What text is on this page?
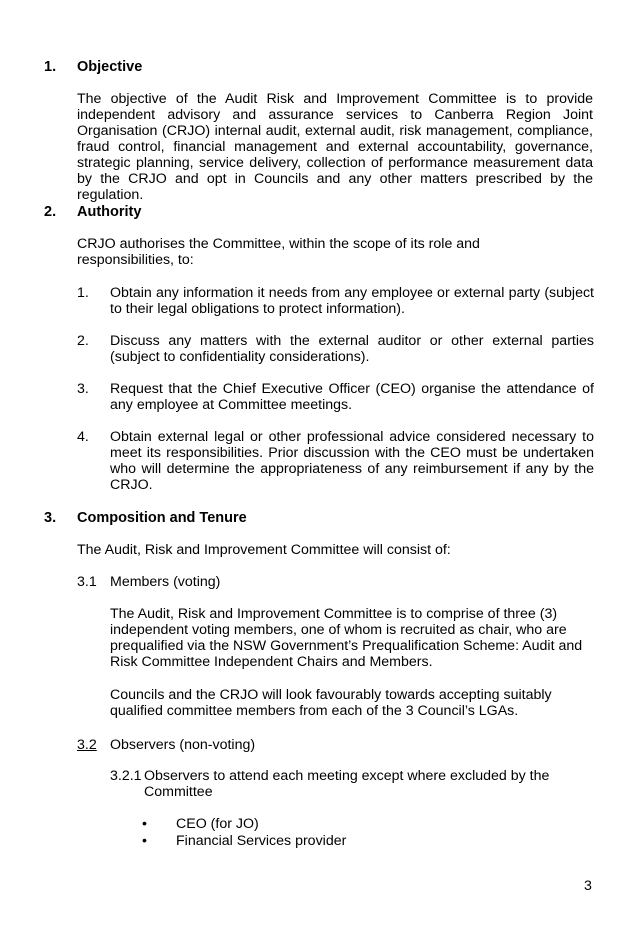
1. Objective
The objective of the Audit Risk and Improvement Committee is to provide independent advisory and assurance services to Canberra Region Joint Organisation (CRJO) internal audit, external audit, risk management, compliance, fraud control, financial management and external accountability, governance, strategic planning, service delivery, collection of performance measurement data by the CRJO and opt in Councils and any other matters prescribed by the regulation.
2. Authority
CRJO authorises the Committee, within the scope of its role and responsibilities, to:
1. Obtain any information it needs from any employee or external party (subject to their legal obligations to protect information).
2. Discuss any matters with the external auditor or other external parties (subject to confidentiality considerations).
3. Request that the Chief Executive Officer (CEO) organise the attendance of any employee at Committee meetings.
4. Obtain external legal or other professional advice considered necessary to meet its responsibilities. Prior discussion with the CEO must be undertaken who will determine the appropriateness of any reimbursement if any by the CRJO.
3. Composition and Tenure
The Audit, Risk and Improvement Committee will consist of:
3.1 Members (voting)
The Audit, Risk and Improvement Committee is to comprise of three (3) independent voting members, one of whom is recruited as chair, who are prequalified via the NSW Government’s Prequalification Scheme: Audit and Risk Committee Independent Chairs and Members.
Councils and the CRJO will look favourably towards accepting suitably qualified committee members from each of the 3 Council’s LGAs.
3.2 Observers (non-voting)
3.2.1 Observers to attend each meeting except where excluded by the
Committee
• CEO (for JO)
• Financial Services provider
3
